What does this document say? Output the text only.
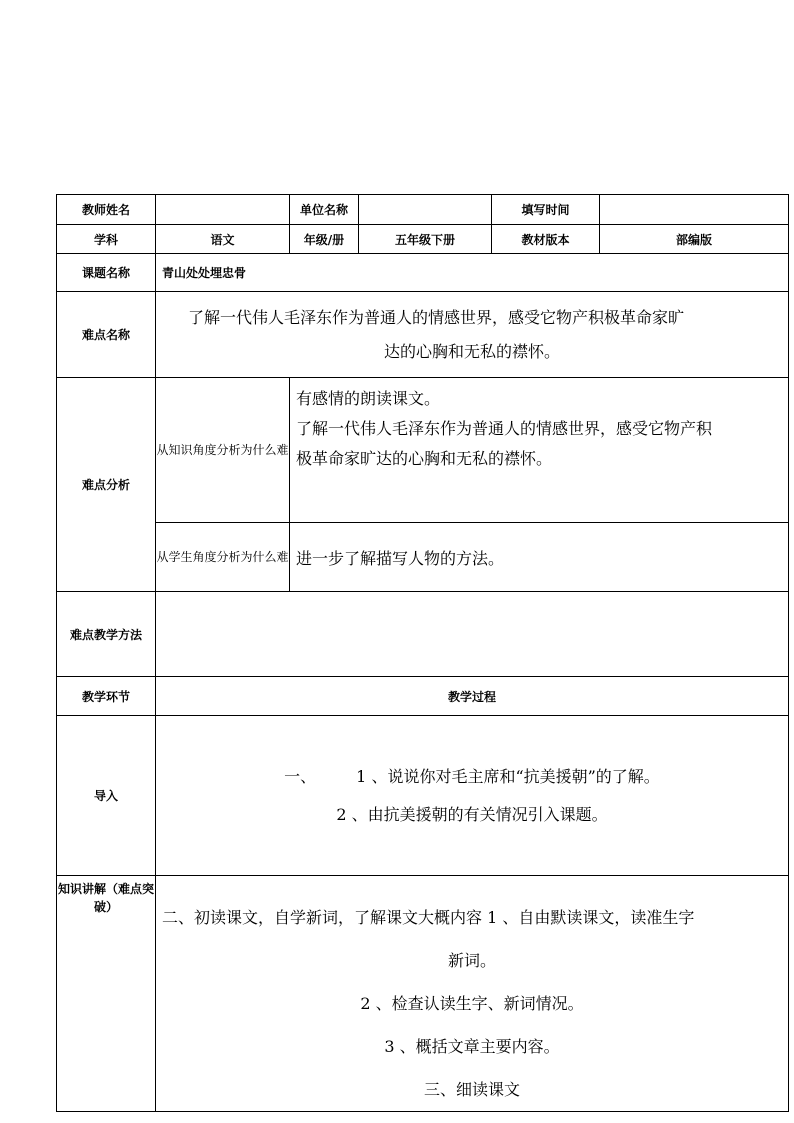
教师姓名		单位名称		填写时间	
学科	语文	年级/册	五年级下册	教材版本	部编版
课题名称	青山处处埋忠骨				
难点名称	了解一代伟人毛泽东作为普通人的情感世界，感受它物产积极革命家旷

达的心胸和无私的襟怀。				

难点分析	从知识角度分析为什么难	有感情的朗读课文。

了解一代伟人毛泽东作为普通人的情感世界，感受它物产积

极革命家旷达的心胸和无私的襟怀。			

	从学生角度分析为什么难	进一步了解描写人物的方法。			
难点教学方法					
教学环节	教学过程				
导入	一、　　　1 、说说你对毛主席和“抗美援朝”的了解。

2 、由抗美援朝的有关情况引入课题。				

知识讲解（难点突破）	二、初读课文，自学新词，了解课文大概内容 1 、自由默读课文，读准生字

新词。

2 、检查认读生字、新词情况。

3 、概括文章主要内容。

三、细读课文				
